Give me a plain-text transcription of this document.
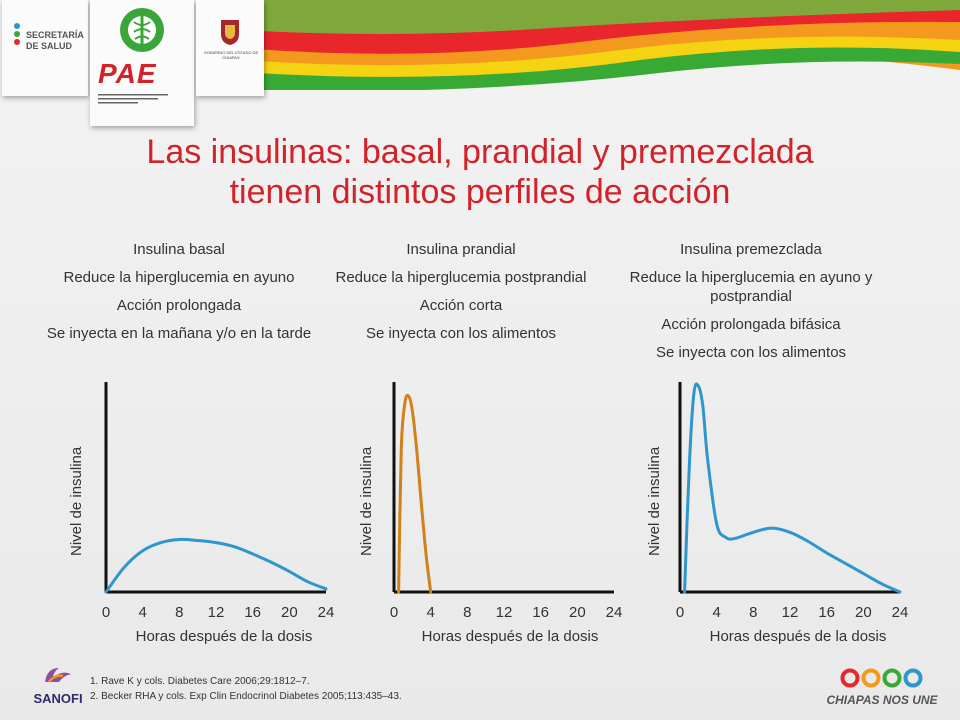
SECRETARÍA
DE SALUD
PAE
GOBIERNO DEL ESTADO DE CHIAPAS
Las insulinas: basal, prandial y premezclada
tienen distintos perfiles de acción
Insulina basal
Reduce la hiperglucemia en ayuno
Acción prolongada
Se inyecta en la mañana y/o en la tarde
Insulina prandial
Reduce la hiperglucemia postprandial
Acción corta
Se inyecta con los alimentos
Insulina premezclada
Reduce la hiperglucemia en ayuno y postprandial
Acción prolongada bifásica
Se inyecta con los alimentos
Nivel de insulina	Nivel de insulina	Nivel de insulina
Horas después de la dosis	Horas después de la dosis	Horas después de la dosis
0 4 8 12 16 20 24	0 4 8 12 16 20 24	0 4 8 12 16 20 24
1. Rave K y cols. Diabetes Care 2006;29:1812–7.
2. Becker RHA y cols. Exp Clin Endocrinol Diabetes 2005;113:435–43.
SANOFI	CHIAPAS NOS UNE
